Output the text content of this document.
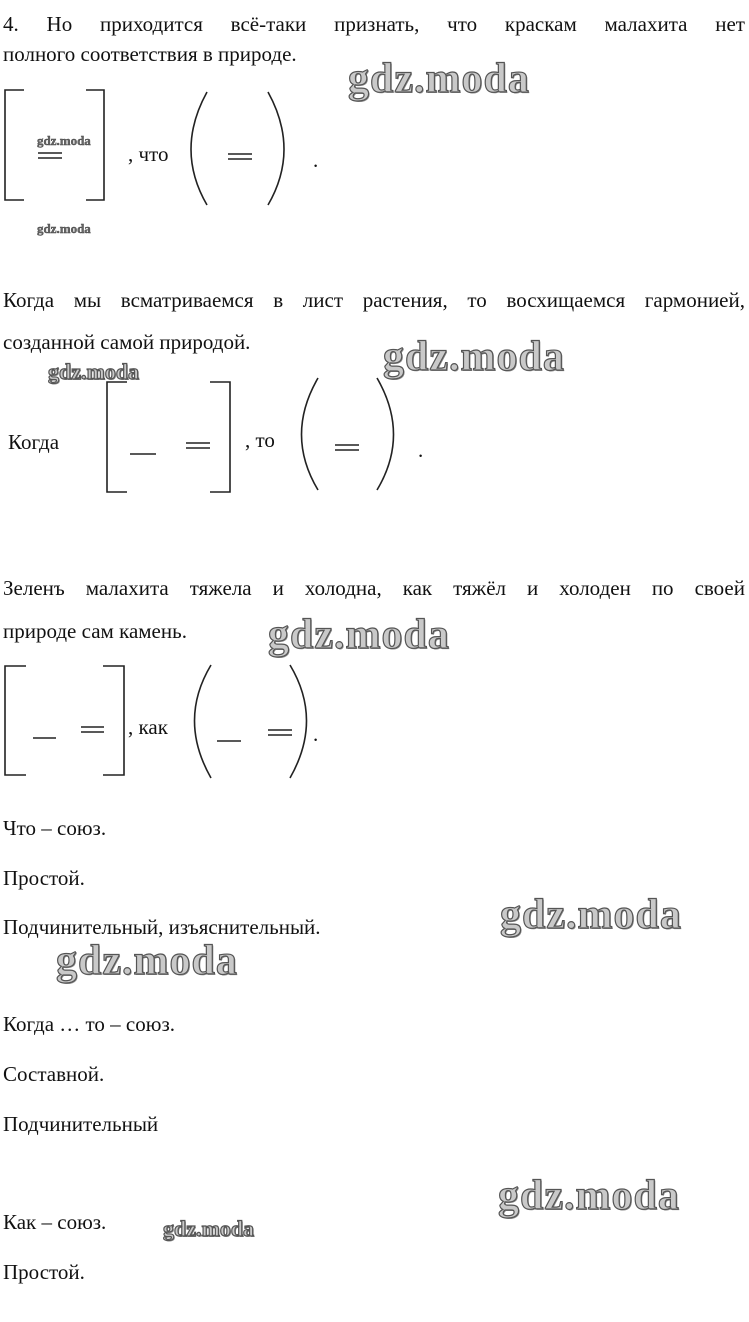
4. Но приходится всё-таки признать, что краскам малахита нет
полного соответствия в природе.
, что	.
Когда мы всматриваемся в лист растения, то восхищаемся гармонией,
созданной самой природой.
Когда	, то	.
Зеленъ малахита тяжела и холодна, как тяжёл и холоден по своей
природе сам камень.
, как	.
Что – союз.
Простой.
Подчинительный, изъяснительный.
Когда … то – союз.
Составной.
Подчинительный
Как – союз.
Простой.
gdz.moda
gdz.moda
gdz.moda
gdz.moda
gdz.moda
gdz.moda
gdz.moda
gdz.moda
gdz.moda
gdz.moda
